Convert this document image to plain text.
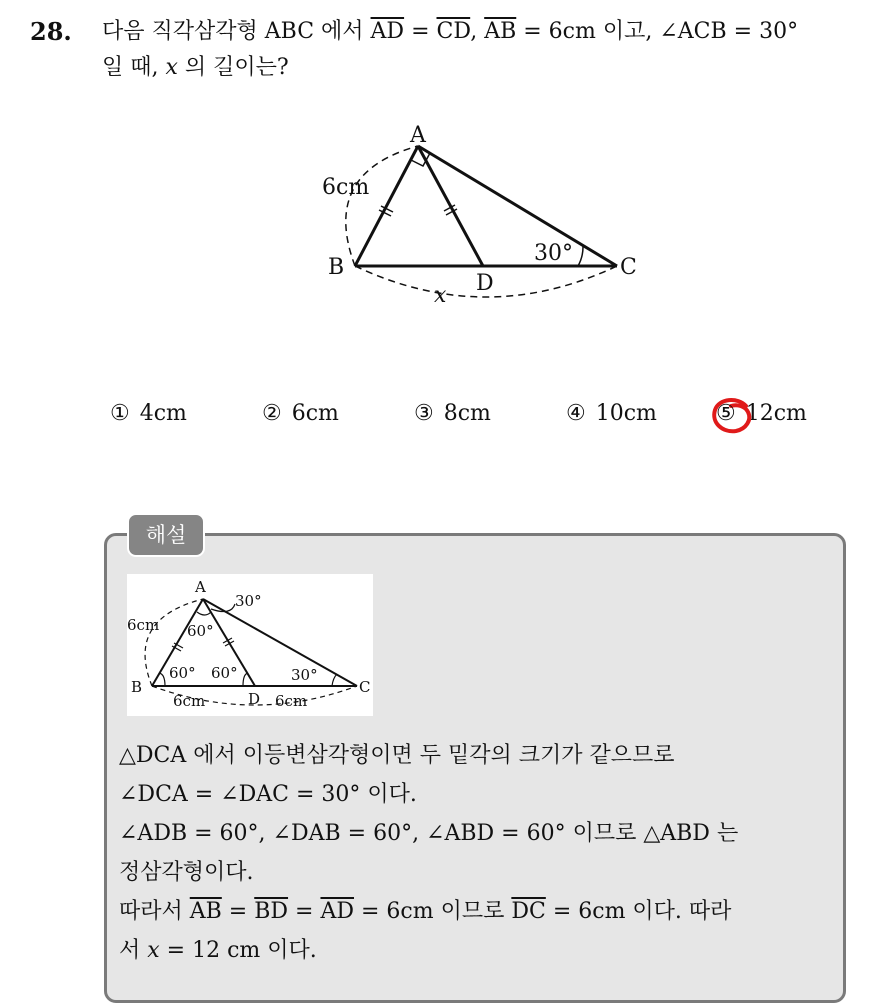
28. 다음 직각삼각형 ABC 에서 $\overline{AD} = \overline{CD}$, $\overline{AB} = 6cm$ 이고, ∠ACB = 30°
일 때, x 의 길이는?
A
B	C
D
6cm
30°
x
① 4cm	② 6cm	③ 8cm	④ 10cm	⑤ 12cm
해설
A
B	C
D
6cm
30°
60°
60° 60°	30°
6cm	6cm
△DCA 에서 이등변삼각형이면 두 밑각의 크기가 같으므로
∠DCA = ∠DAC = 30° 이다.
∠ADB = 60°, ∠DAB = 60°, ∠ABD = 60° 이므로 △ABD 는
정삼각형이다.
따라서 $\overline{AB} = \overline{BD} = \overline{AD} = 6cm$ 이므로 $\overline{DC} = 6cm$ 이다. 따라
서 x = 12 cm 이다.
